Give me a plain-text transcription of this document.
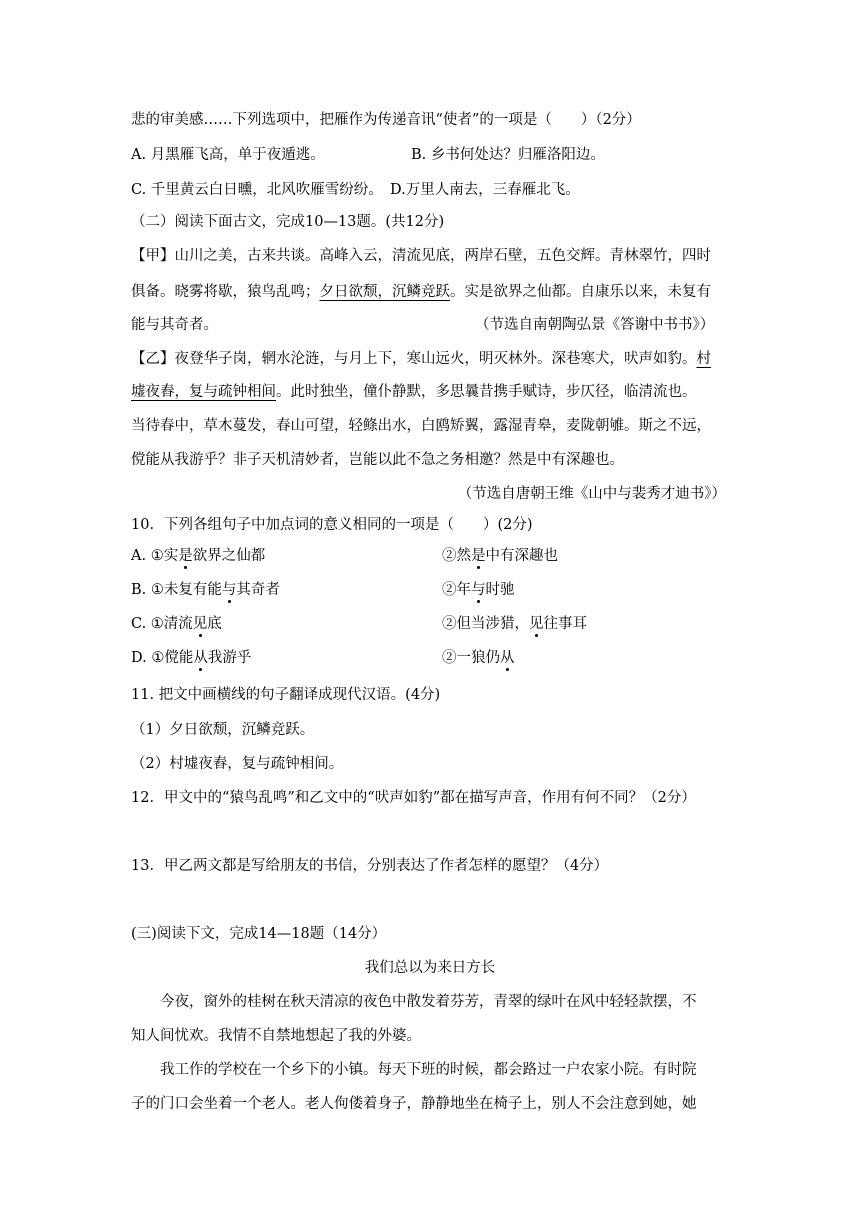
悲的审美感……下列选项中，把雁作为传递音讯“使者”的一项是（　　）（2分）
A. 月黑雁飞高，单于夜遁逃。	B. 乡书何处达？归雁洛阳边。
C. 千里黄云白日曛，北风吹雁雪纷纷。　D.万里人南去，三春雁北飞。
（二）阅读下面古文，完成10—13题。(共12分)
【甲】山川之美，古来共谈。高峰入云，清流见底，两岸石壁，五色交辉。青林翠竹，四时
俱备。晓雾将歇，猿鸟乱鸣；夕日欲颓，沉鳞竞跃。实是欲界之仙都。自康乐以来，未复有
能与其奇者。	（节选自南朝陶弘景《答谢中书书》）
【乙】夜登华子岗，辋水沦涟，与月上下，寒山远火，明灭林外。深巷寒犬，吠声如豹。村
墟夜舂，复与疏钟相间。此时独坐，僮仆静默，多思曩昔携手赋诗，步仄径，临清流也。
当待春中，草木蔓发，春山可望，轻鲦出水，白鸥矫翼，露湿青皋，麦陇朝雊。斯之不远，
傥能从我游乎？非子天机清妙者，岂能以此不急之务相邀？然是中有深趣也。
（节选自唐朝王维《山中与裴秀才迪书》）
10．下列各组句子中加点词的意义相同的一项是（　　）(2分)
A. ①实是欲界之仙都	②然是中有深趣也
B. ①未复有能与其奇者	②年与时驰
C. ①清流见底	②但当涉猎，见往事耳
D. ①傥能从我游乎	②一狼仍从
11. 把文中画横线的句子翻译成现代汉语。(4分)
（1）夕日欲颓，沉鳞竞跃。
（2）村墟夜舂，复与疏钟相间。
12．甲文中的“猿鸟乱鸣”和乙文中的“吠声如豹”都在描写声音，作用有何不同？（2分）
13．甲乙两文都是写给朋友的书信，分别表达了作者怎样的愿望？（4分）
(三)阅读下文，完成14—18题（14分）
我们总以为来日方长
今夜，窗外的桂树在秋天清凉的夜色中散发着芬芳，青翠的绿叶在风中轻轻款摆，不
知人间忧欢。我情不自禁地想起了我的外婆。
我工作的学校在一个乡下的小镇。每天下班的时候，都会路过一户农家小院。有时院
子的门口会坐着一个老人。老人佝偻着身子，静静地坐在椅子上，别人不会注意到她，她
